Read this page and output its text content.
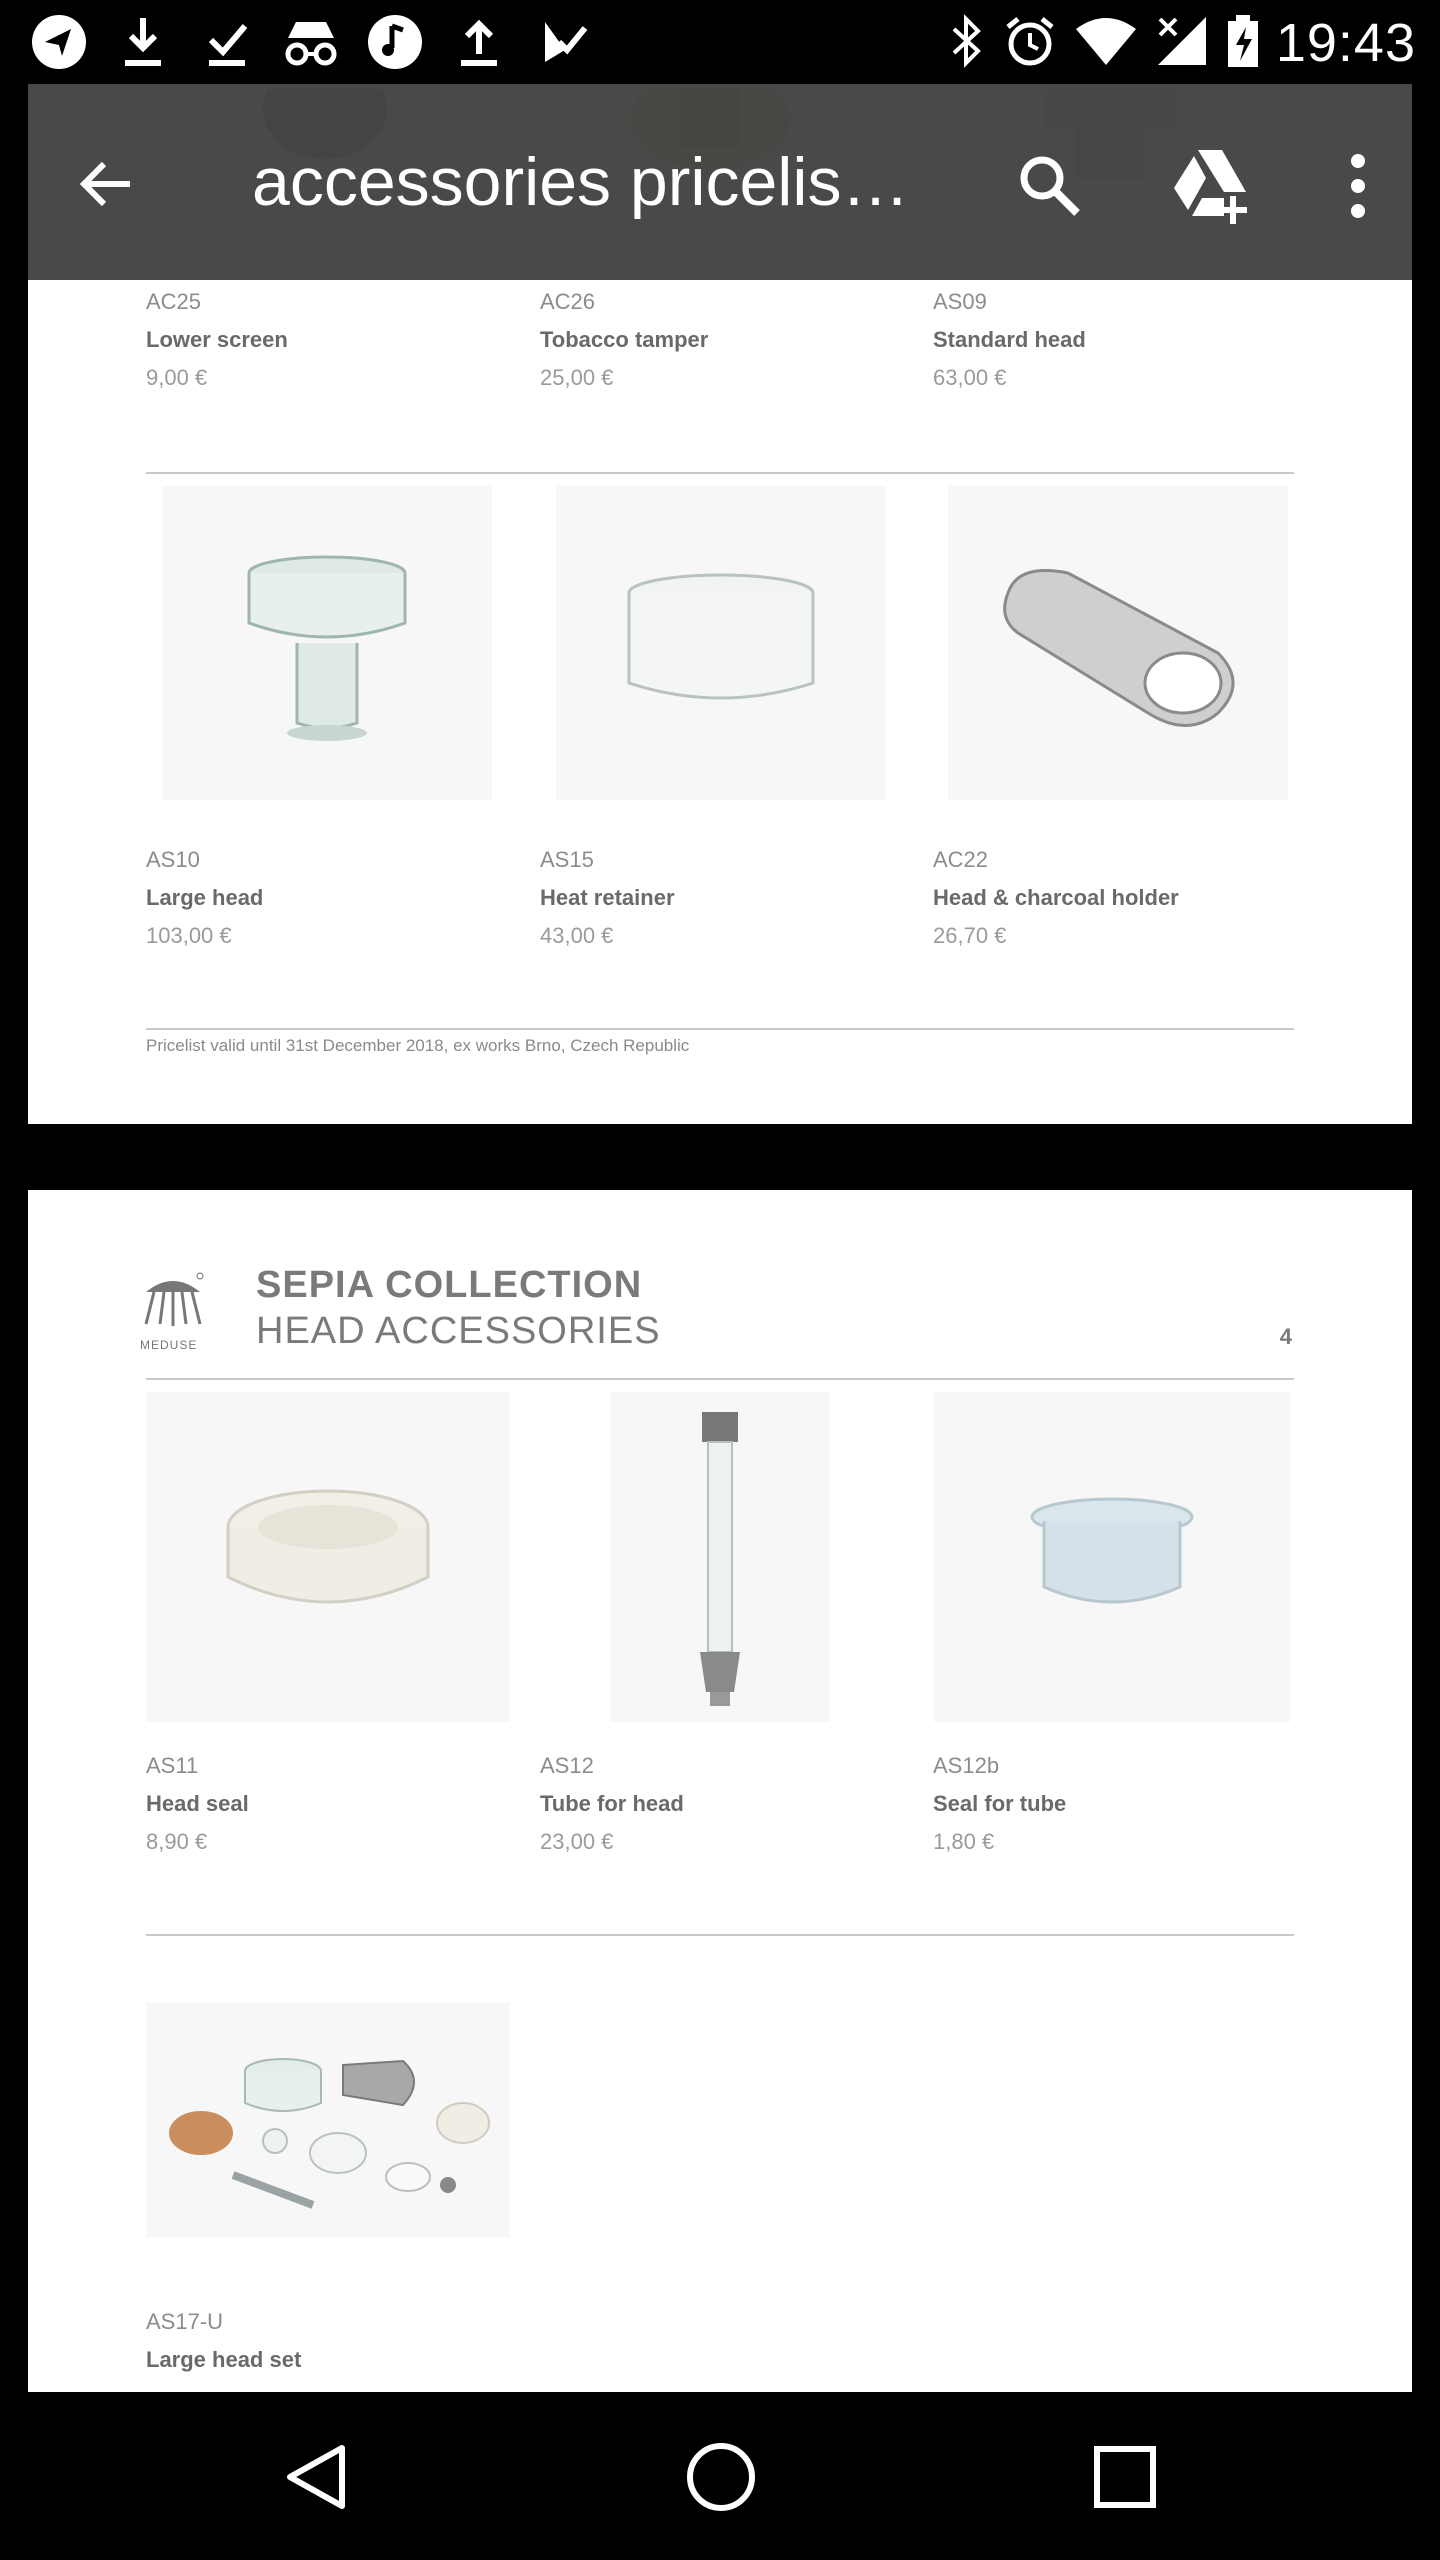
19:43
accessories pricelis…
AC25
Lower screen
9,00 €
AC26
Tobacco tamper
25,00 €
AS09
Standard head
63,00 €
AS10
Large head
103,00 €
AS15
Heat retainer
43,00 €
AC22
Head & charcoal holder
26,70 €
Pricelist valid until 31st December 2018, ex works Brno, Czech Republic
MEDUSE
SEPIA COLLECTION
HEAD ACCESSORIES	4
AS11
Head seal
8,90 €
AS12
Tube for head
23,00 €
AS12b
Seal for tube
1,80 €
AS17-U
Large head set
